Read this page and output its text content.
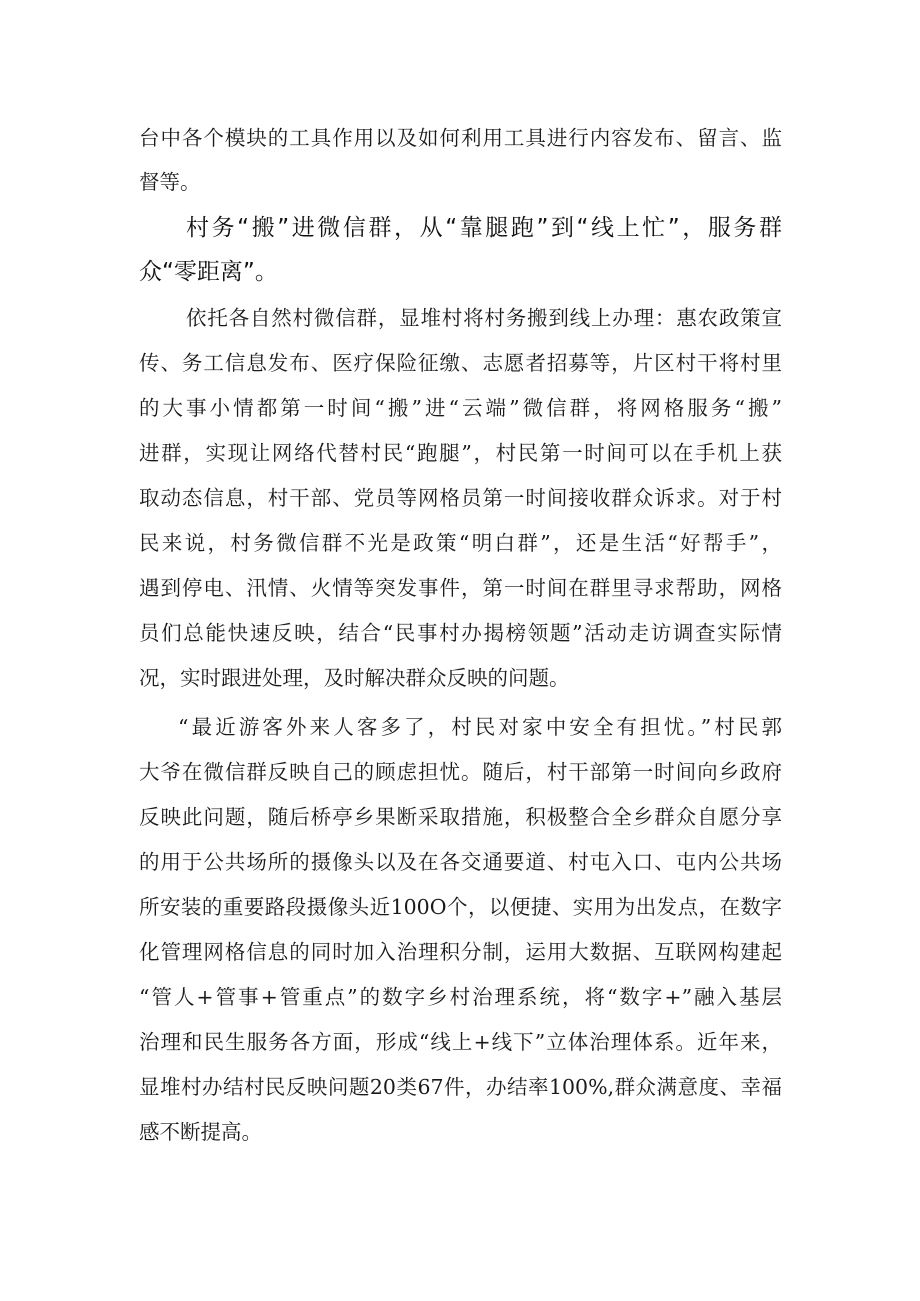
台中各个模块的工具作用以及如何利用工具进行内容发布、留言、监
督等。
村务“搬”进微信群，从“靠腿跑”到“线上忙”，服务群
众“零距离”。
依托各自然村微信群，显堆村将村务搬到线上办理：惠农政策宣
传、务工信息发布、医疗保险征缴、志愿者招募等，片区村干将村里
的大事小情都第一时间“搬”进“云端”微信群，将网格服务“搬”
进群，实现让网络代替村民“跑腿”，村民第一时间可以在手机上获
取动态信息，村干部、党员等网格员第一时间接收群众诉求。对于村
民来说，村务微信群不光是政策“明白群”，还是生活“好帮手”，
遇到停电、汛情、火情等突发事件，第一时间在群里寻求帮助，网格
员们总能快速反映，结合“民事村办揭榜领题”活动走访调查实际情
况，实时跟进处理，及时解决群众反映的问题。
“最近游客外来人客多了，村民对家中安全有担忧。”村民郭
大爷在微信群反映自己的顾虑担忧。随后，村干部第一时间向乡政府
反映此问题，随后桥亭乡果断采取措施，积极整合全乡群众自愿分享
的用于公共场所的摄像头以及在各交通要道、村屯入口、屯内公共场
所安装的重要路段摄像头近100O个，以便捷、实用为出发点，在数字
化管理网格信息的同时加入治理积分制，运用大数据、互联网构建起
“管人+管事+管重点”的数字乡村治理系统，将“数字+”融入基层
治理和民生服务各方面，形成“线上+线下”立体治理体系。近年来，
显堆村办结村民反映问题20类67件，办结率100%,群众满意度、幸福
感不断提高。
